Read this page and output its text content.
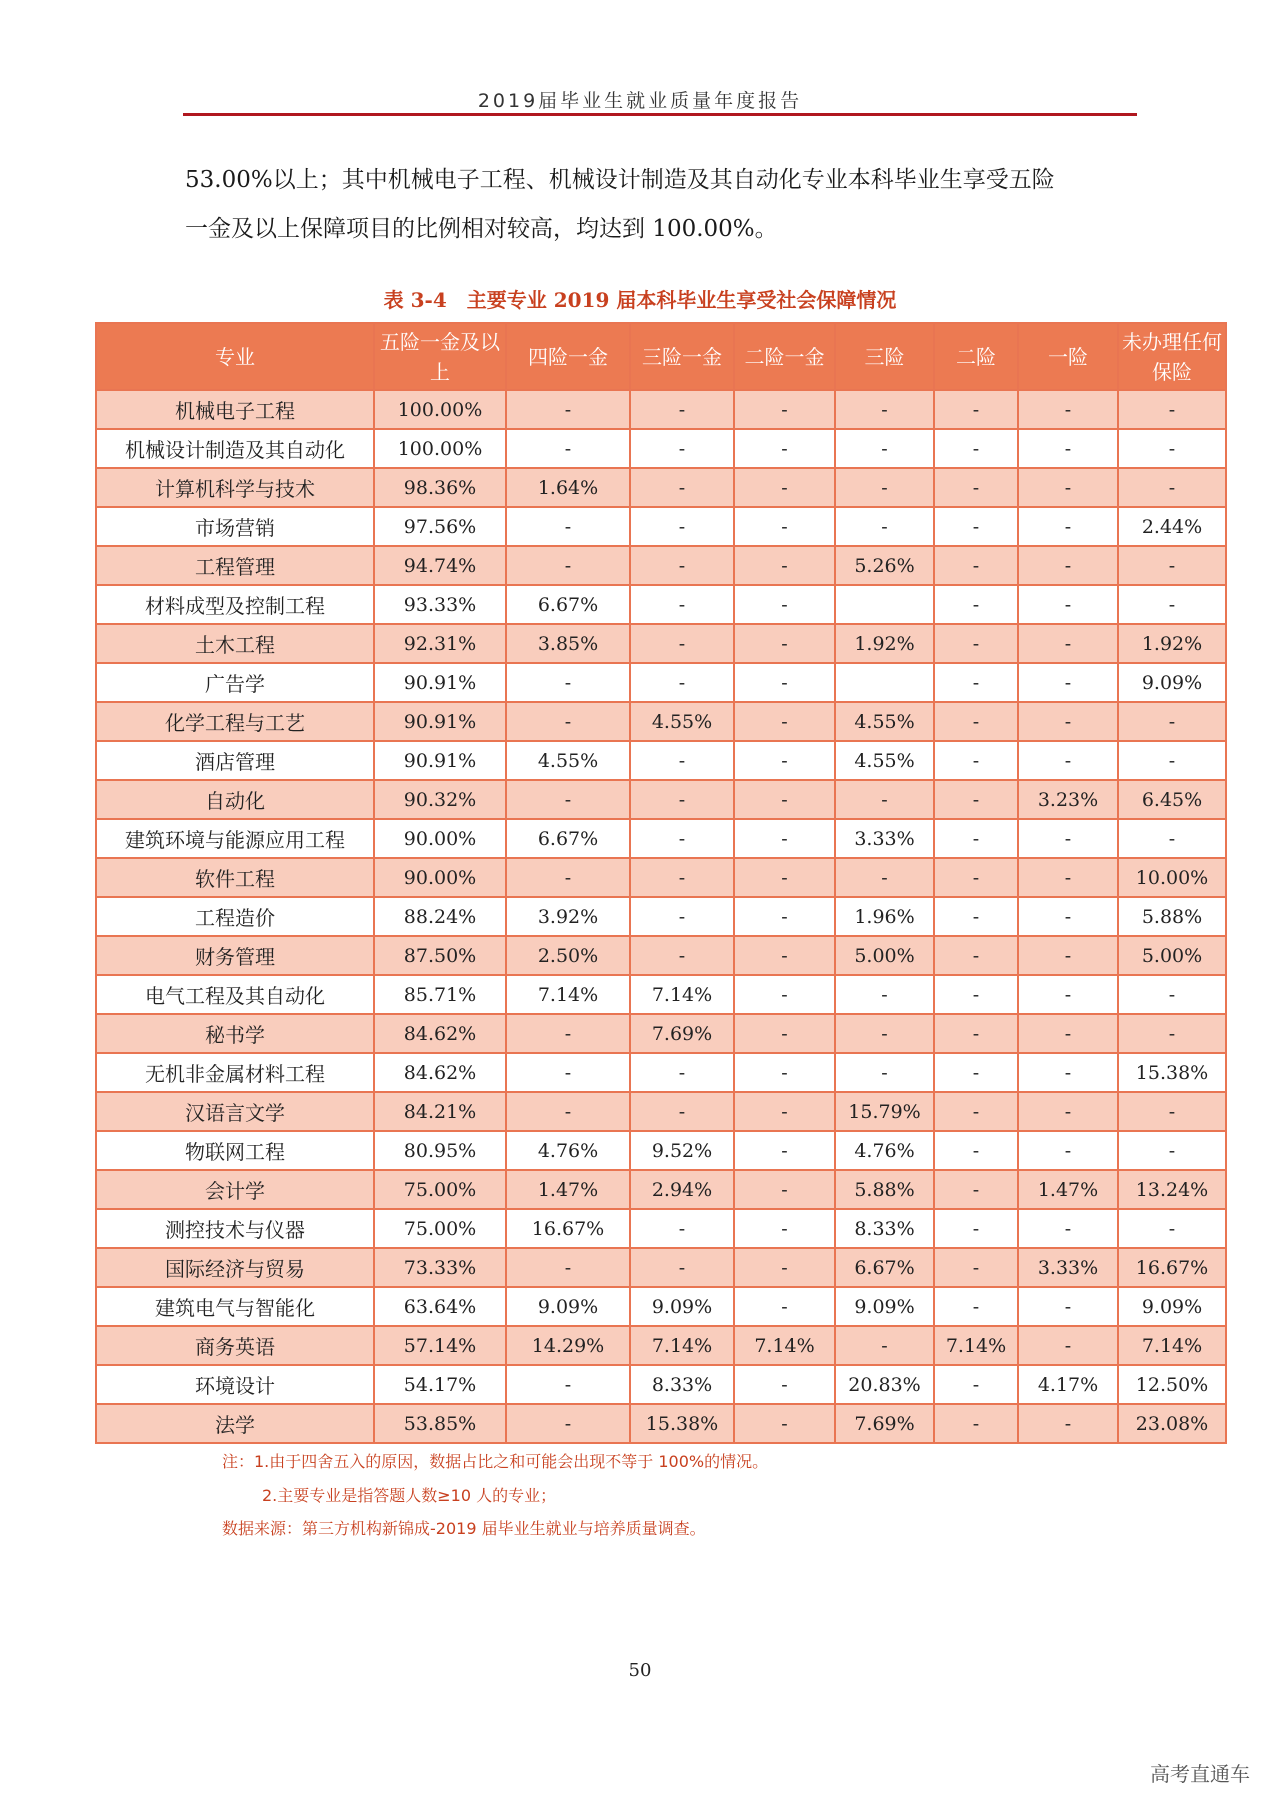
2019届毕业生就业质量年度报告
53.00%以上；其中机械电子工程、机械设计制造及其自动化专业本科毕业生享受五险
一金及以上保障项目的比例相对较高，均达到 100.00%。
表 3-4　主要专业 2019 届本科毕业生享受社会保障情况
专业	五险一金及以上	四险一金	三险一金	二险一金	三险	二险	一险	未办理任何保险
机械电子工程	100.00%	-	-	-	-	-	-	-
机械设计制造及其自动化	100.00%	-	-	-	-	-	-	-
计算机科学与技术	98.36%	1.64%	-	-	-	-	-	-
市场营销	97.56%	-	-	-	-	-	-	2.44%
工程管理	94.74%	-	-	-	5.26%	-	-	-
材料成型及控制工程	93.33%	6.67%	-	-		-	-	-
土木工程	92.31%	3.85%	-	-	1.92%	-	-	1.92%
广告学	90.91%	-	-	-		-	-	9.09%
化学工程与工艺	90.91%	-	4.55%	-	4.55%	-	-	-
酒店管理	90.91%	4.55%	-	-	4.55%	-	-	-
自动化	90.32%	-	-	-	-	-	3.23%	6.45%
建筑环境与能源应用工程	90.00%	6.67%	-	-	3.33%	-	-	-
软件工程	90.00%	-	-	-	-	-	-	10.00%
工程造价	88.24%	3.92%	-	-	1.96%	-	-	5.88%
财务管理	87.50%	2.50%	-	-	5.00%	-	-	5.00%
电气工程及其自动化	85.71%	7.14%	7.14%	-	-	-	-	-
秘书学	84.62%	-	7.69%	-	-	-	-	-
无机非金属材料工程	84.62%	-	-	-	-	-	-	15.38%
汉语言文学	84.21%	-	-	-	15.79%	-	-	-
物联网工程	80.95%	4.76%	9.52%	-	4.76%	-	-	-
会计学	75.00%	1.47%	2.94%	-	5.88%	-	1.47%	13.24%
测控技术与仪器	75.00%	16.67%	-	-	8.33%	-	-	-
国际经济与贸易	73.33%	-	-	-	6.67%	-	3.33%	16.67%
建筑电气与智能化	63.64%	9.09%	9.09%	-	9.09%	-	-	9.09%
商务英语	57.14%	14.29%	7.14%	7.14%	-	7.14%	-	7.14%
环境设计	54.17%	-	8.33%	-	20.83%	-	4.17%	12.50%
法学	53.85%	-	15.38%	-	7.69%	-	-	23.08%
注：1.由于四舍五入的原因，数据占比之和可能会出现不等于 100%的情况。
2.主要专业是指答题人数≥10 人的专业；
数据来源：第三方机构新锦成-2019 届毕业生就业与培养质量调查。
50
高考直通车
